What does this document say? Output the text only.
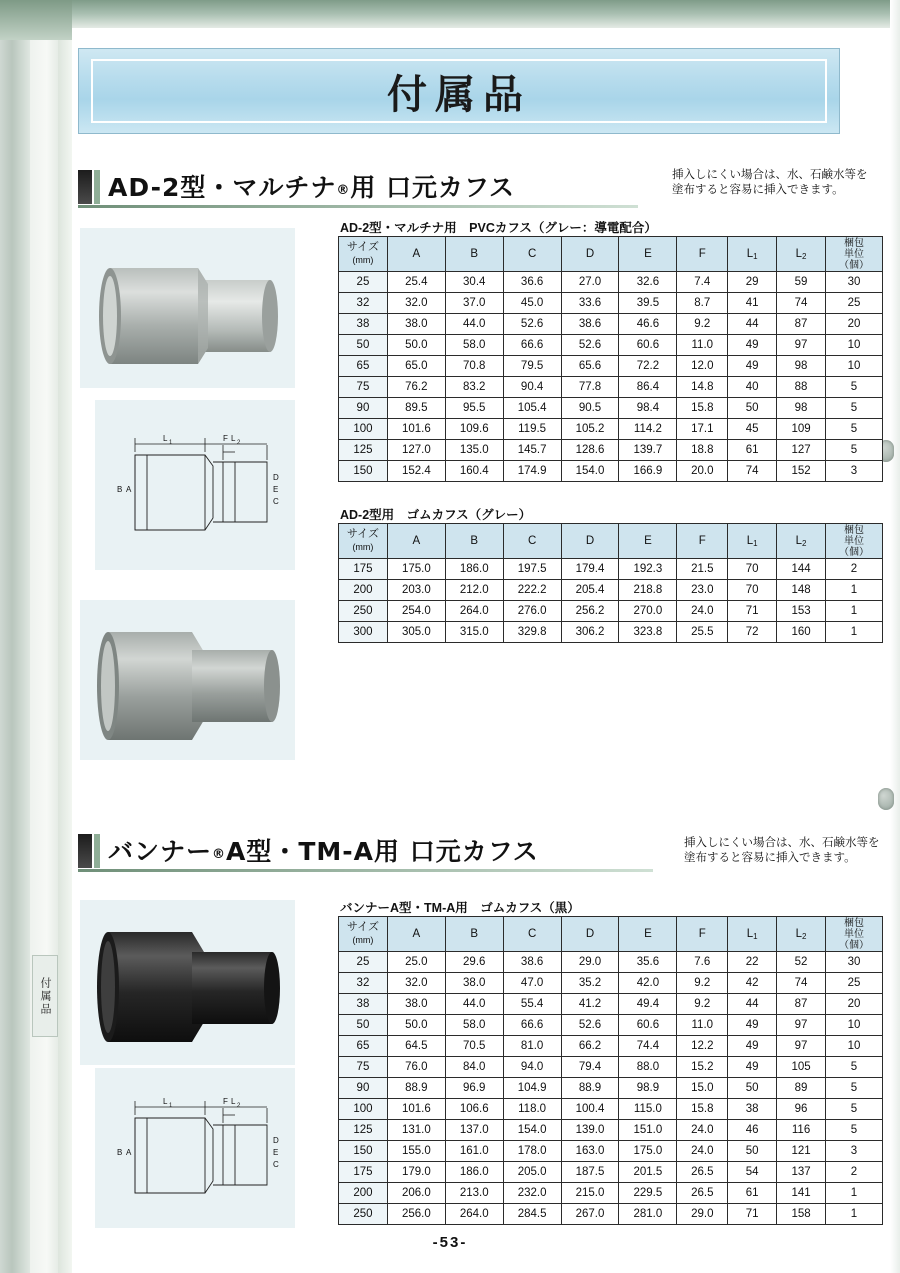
付属品
付属品
AD-2型・マルチナ®用 口元カフス	挿入しにくい場合は、水、石鹸水等を
塗布すると容易に挿入できます。
L 1	L 2
F
B A
D
E
C
AD-2型・マルチナ用　PVCカフス（グレー：導電配合）
サイズ
(mm)	A	B	C	D	E	F	$L_1$	$L_2$	梱包
単位
（個）
25	25.4	30.4	36.6	27.0	32.6	7.4	29	59	30
32	32.0	37.0	45.0	33.6	39.5	8.7	41	74	25
38	38.0	44.0	52.6	38.6	46.6	9.2	44	87	20
50	50.0	58.0	66.6	52.6	60.6	11.0	49	97	10
65	65.0	70.8	79.5	65.6	72.2	12.0	49	98	10
75	76.2	83.2	90.4	77.8	86.4	14.8	40	88	5
90	89.5	95.5	105.4	90.5	98.4	15.8	50	98	5
100	101.6	109.6	119.5	105.2	114.2	17.1	45	109	5
125	127.0	135.0	145.7	128.6	139.7	18.8	61	127	5
150	152.4	160.4	174.9	154.0	166.9	20.0	74	152	3
AD-2型用　ゴムカフス（グレー）
サイズ
(mm)	A	B	C	D	E	F	$L_1$	$L_2$	梱包
単位
（個）
175	175.0	186.0	197.5	179.4	192.3	21.5	70	144	2
200	203.0	212.0	222.2	205.4	218.8	23.0	70	148	1
250	254.0	264.0	276.0	256.2	270.0	24.0	71	153	1
300	305.0	315.0	329.8	306.2	323.8	25.5	72	160	1
バンナー®A型・TM-A用 口元カフス	挿入しにくい場合は、水、石鹸水等を
塗布すると容易に挿入できます。
L 1	L 2
F
B A
D
E
C
バンナーA型・TM-A用　ゴムカフス（黒）
サイズ
(mm)	A	B	C	D	E	F	$L_1$	$L_2$	梱包
単位
（個）
25	25.0	29.6	38.6	29.0	35.6	7.6	22	52	30
32	32.0	38.0	47.0	35.2	42.0	9.2	42	74	25
38	38.0	44.0	55.4	41.2	49.4	9.2	44	87	20
50	50.0	58.0	66.6	52.6	60.6	11.0	49	97	10
65	64.5	70.5	81.0	66.2	74.4	12.2	49	97	10
75	76.0	84.0	94.0	79.4	88.0	15.2	49	105	5
90	88.9	96.9	104.9	88.9	98.9	15.0	50	89	5
100	101.6	106.6	118.0	100.4	115.0	15.8	38	96	5
125	131.0	137.0	154.0	139.0	151.0	24.0	46	116	5
150	155.0	161.0	178.0	163.0	175.0	24.0	50	121	3
175	179.0	186.0	205.0	187.5	201.5	26.5	54	137	2
200	206.0	213.0	232.0	215.0	229.5	26.5	61	141	1
250	256.0	264.0	284.5	267.0	281.0	29.0	71	158	1
-53-
